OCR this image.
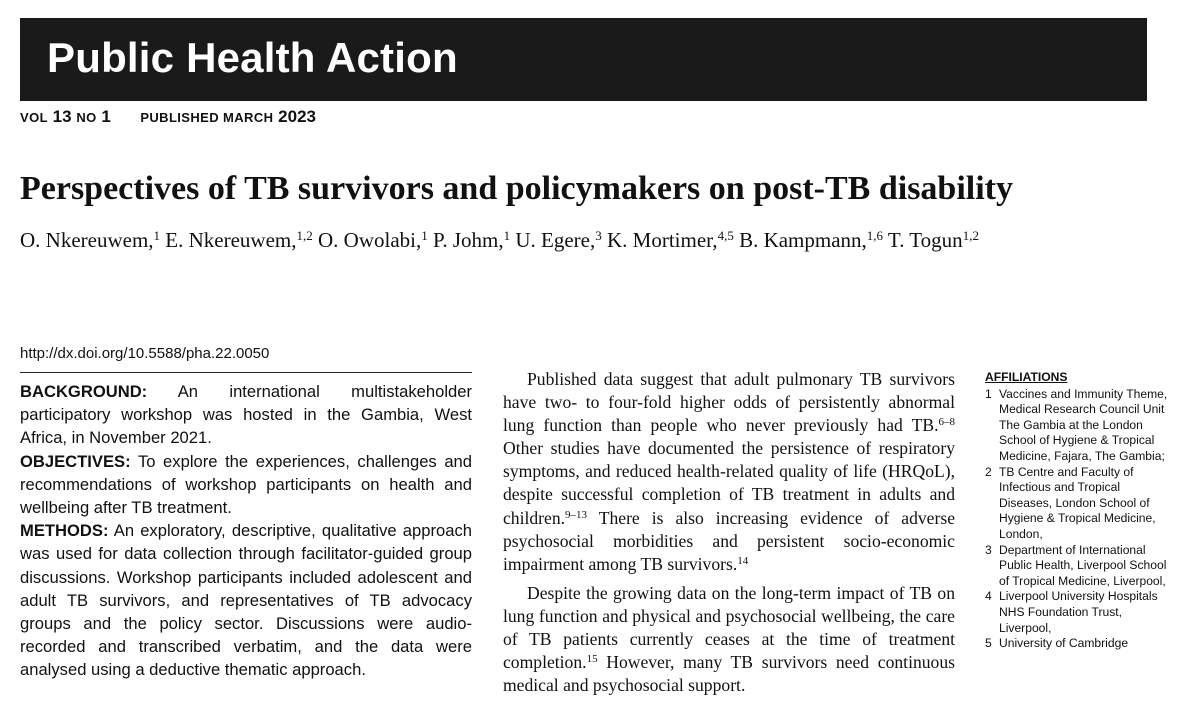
Public Health Action
VOL 13 NO 1 PUBLISHED MARCH 2023
Perspectives of TB survivors and policymakers on post-TB disability

O. Nkereuwem,$^1$ E. Nkereuwem,$^{1,2}$ O. Owolabi,$^1$ P. Johm,$^1$ U. Egere,$^3$ K. Mortimer,$^{4,5}$ B. Kampmann,$^{1,6}$ T. Togun$^{1,2}$

http://dx.doi.org/10.5588/pha.22.0050

BACKGROUND: An international multistakeholder participatory workshop was hosted in the Gambia, West Africa, in November 2021.

OBJECTIVES: To explore the experiences, challenges and recommendations of workshop participants on health and wellbeing after TB treatment.

METHODS: An exploratory, descriptive, qualitative approach was used for data collection through facilitator-guided group discussions. Workshop participants included adolescent and adult TB survivors, and representatives of TB advocacy groups and the policy sector. Discussions were audio-recorded and transcribed verbatim, and the data were analysed using a deductive thematic approach.

Published data suggest that adult pulmonary TB survivors have two- to four-fold higher odds of persistently abnormal lung function than people who never previously had TB.$^{6-8}$ Other studies have documented the persistence of respiratory symptoms, and reduced health-related quality of life (HRQoL), despite successful completion of TB treatment in adults and children.$^{9-13}$ There is also increasing evidence of adverse psychosocial morbidities and persistent socio-economic impairment among TB survivors.$^{14}$

Despite the growing data on the long-term impact of TB on lung function and physical and psychosocial wellbeing, the care of TB patients currently ceases at the time of treatment completion.$^{15}$ However, many TB survivors need continuous medical and psychosocial support.

AFFILIATIONS
1 Vaccines and Immunity Theme, Medical Research Council Unit The Gambia at the London School of Hygiene & Tropical Medicine, Fajara, The Gambia;
2 TB Centre and Faculty of Infectious and Tropical Diseases, London School of Hygiene & Tropical Medicine, London,
3 Department of International Public Health, Liverpool School of Tropical Medicine, Liverpool,
4 Liverpool University Hospitals NHS Foundation Trust, Liverpool,
5 University of Cambridge
